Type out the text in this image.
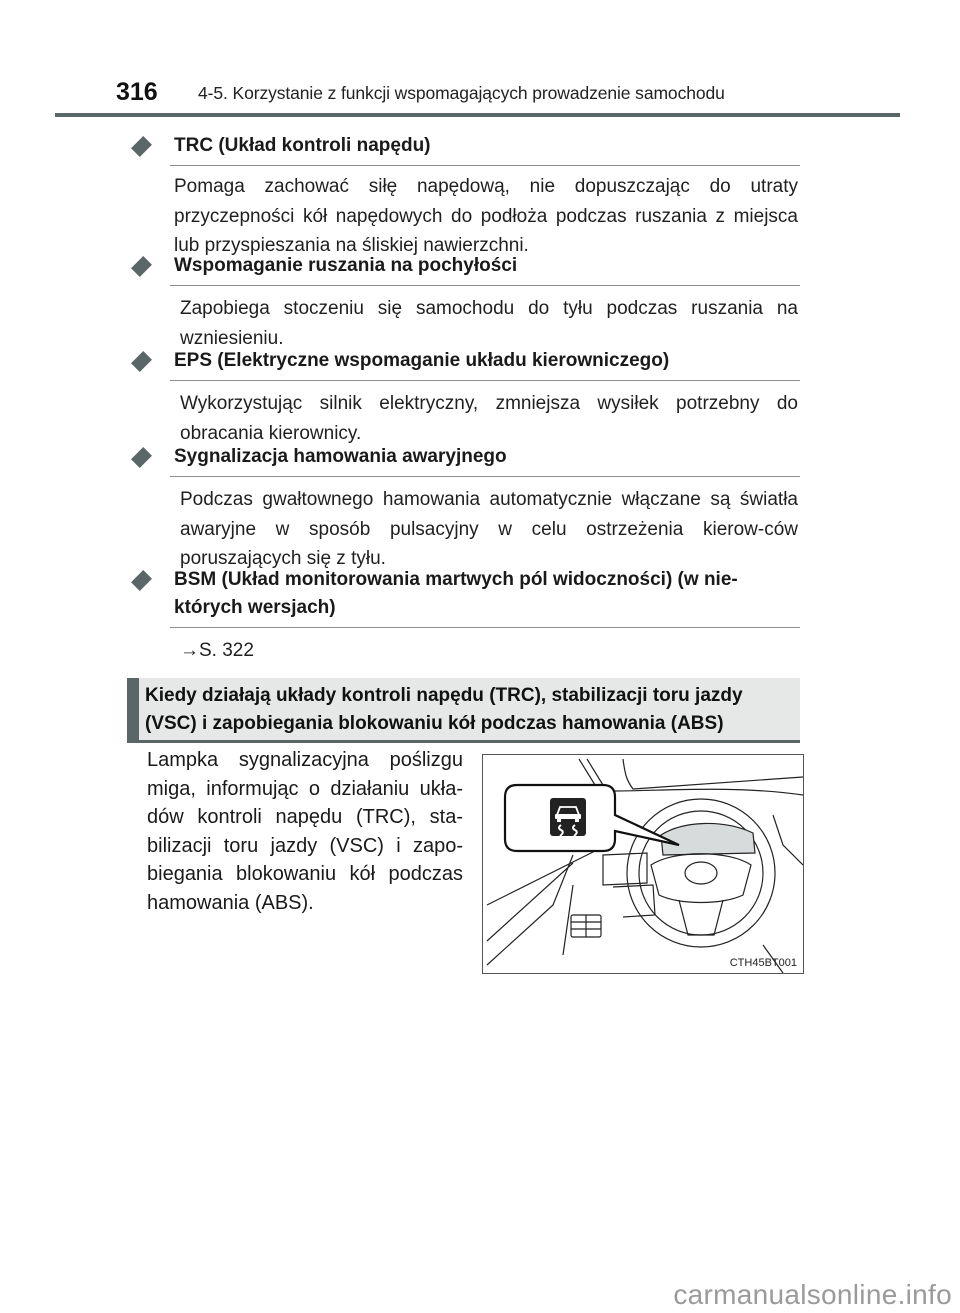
316 4-5. Korzystanie z funkcji wspomagających prowadzenie samochodu
TRC (Układ kontroli napędu)
Pomaga zachować siłę napędową, nie dopuszczając do utraty przyczepności kół napędowych do podłoża podczas ruszania z miejsca lub przyspieszania na śliskiej nawierzchni.
Wspomaganie ruszania na pochyłości
Zapobiega stoczeniu się samochodu do tyłu podczas ruszania na wzniesieniu.
EPS (Elektryczne wspomaganie układu kierowniczego)
Wykorzystując silnik elektryczny, zmniejsza wysiłek potrzebny do obracania kierownicy.
Sygnalizacja hamowania awaryjnego
Podczas gwałtownego hamowania automatycznie włączane są światła awaryjne w sposób pulsacyjny w celu ostrzeżenia kierow-ców poruszających się z tyłu.
BSM (Układ monitorowania martwych pól widoczności) (w nie-których wersjach)
→S. 322
Kiedy działają układy kontroli napędu (TRC), stabilizacji toru jazdy (VSC) i zapobiegania blokowaniu kół podczas hamowania (ABS)
Lampka sygnalizacyjna poślizgu miga, informując o działaniu ukła-dów kontroli napędu (TRC), sta-bilizacji toru jazdy (VSC) i zapo-biegania blokowaniu kół podczas hamowania (ABS).
CTH45BT001
carmanualsonline.info
